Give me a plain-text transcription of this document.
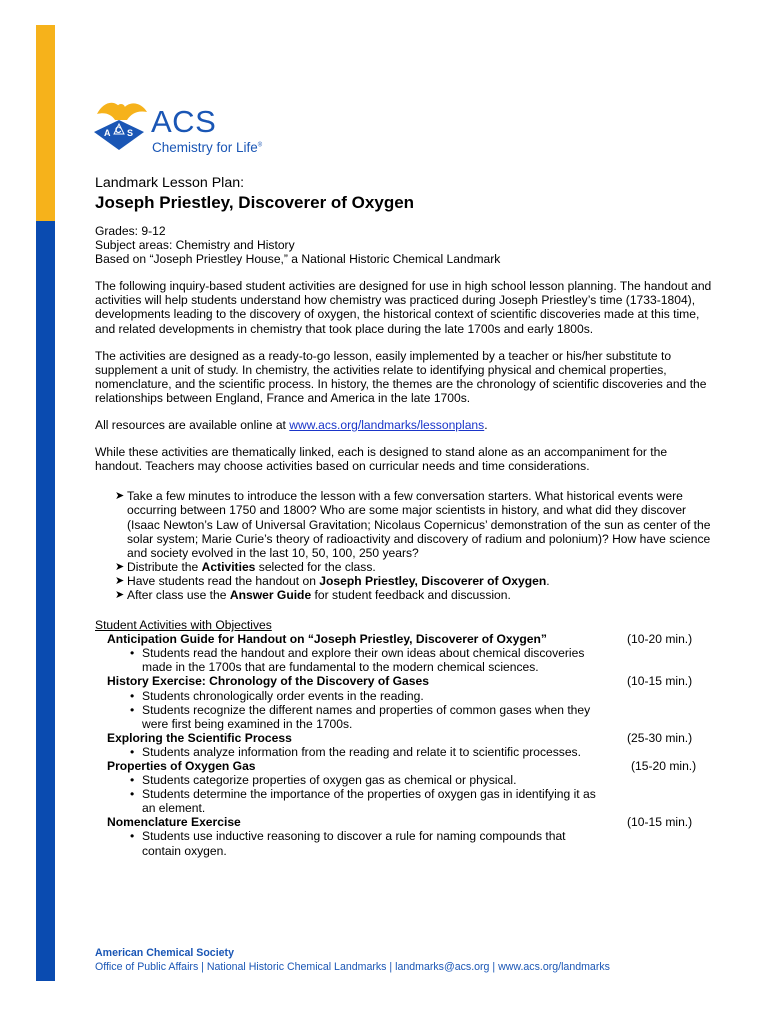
A C S ACS
Chemistry for Life®

Landmark Lesson Plan:

Joseph Priestley, Discoverer of Oxygen

Grades: 9-12

Subject areas: Chemistry and History

Based on “Joseph Priestley House,” a National Historic Chemical Landmark

The following inquiry-based student activities are designed for use in high school lesson planning. The handout and activities will help students understand how chemistry was practiced during Joseph Priestley’s time (1733-1804), developments leading to the discovery of oxygen, the historical context of scientific discoveries made at this time, and related developments in chemistry that took place during the late 1700s and early 1800s.

The activities are designed as a ready-to-go lesson, easily implemented by a teacher or his/her substitute to supplement a unit of study. In chemistry, the activities relate to identifying physical and chemical properties, nomenclature, and the scientific process. In history, the themes are the chronology of scientific discoveries and the relationships between England, France and America in the late 1700s.

All resources are available online at www.acs.org/landmarks/lessonplans.

While these activities are thematically linked, each is designed to stand alone as an accompaniment for the handout. Teachers may choose activities based on curricular needs and time considerations.

➤ Take a few minutes to introduce the lesson with a few conversation starters. What historical events were occurring between 1750 and 1800? Who are some major scientists in history, and what did they discover (Isaac Newton’s Law of Universal Gravitation; Nicolaus Copernicus’ demonstration of the sun as center of the solar system; Marie Curie’s theory of radioactivity and discovery of radium and polonium)? How have science and society evolved in the last 10, 50, 100, 250 years?
➤ Distribute the Activities selected for the class.
➤ Have students read the handout on Joseph Priestley, Discoverer of Oxygen.
➤ After class use the Answer Guide for student feedback and discussion.

Student Activities with Objectives

Anticipation Guide for Handout on “Joseph Priestley, Discoverer of Oxygen”	(10-20 min.)
• Students read the handout and explore their own ideas about chemical discoveries made in the 1700s that are fundamental to the modern chemical sciences.
History Exercise: Chronology of the Discovery of Gases	(10-15 min.)
• Students chronologically order events in the reading.
• Students recognize the different names and properties of common gases when they were first being examined in the 1700s.
Exploring the Scientific Process	(25-30 min.)
• Students analyze information from the reading and relate it to scientific processes.
Properties of Oxygen Gas	(15-20 min.)
• Students categorize properties of oxygen gas as chemical or physical.
• Students determine the importance of the properties of oxygen gas in identifying it as an element.
Nomenclature Exercise	(10-15 min.)
• Students use inductive reasoning to discover a rule for naming compounds that contain oxygen.
American Chemical Society
Office of Public Affairs | National Historic Chemical Landmarks | landmarks@acs.org | www.acs.org/landmarks
